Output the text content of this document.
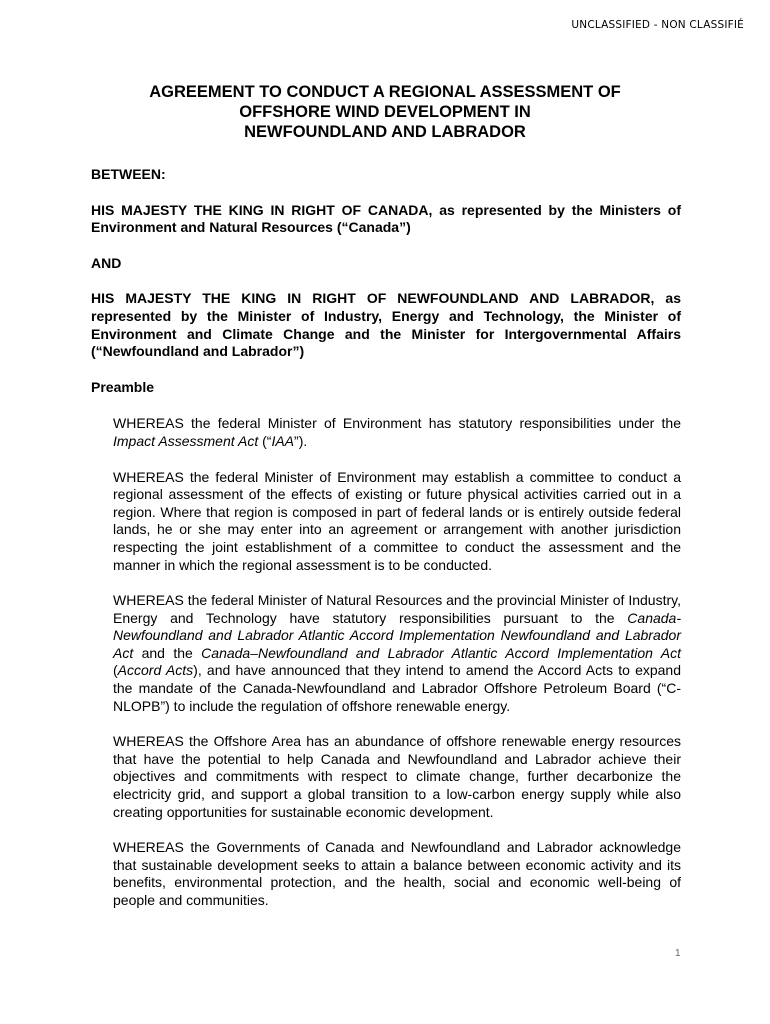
UNCLASSIFIED - NON CLASSIFIÉ
AGREEMENT TO CONDUCT A REGIONAL ASSESSMENT OF
OFFSHORE WIND DEVELOPMENT IN
NEWFOUNDLAND AND LABRADOR

BETWEEN:

HIS MAJESTY THE KING IN RIGHT OF CANADA, as represented by the Ministers of Environment and Natural Resources (“Canada”)

AND

HIS MAJESTY THE KING IN RIGHT OF NEWFOUNDLAND AND LABRADOR, as represented by the Minister of Industry, Energy and Technology, the Minister of Environment and Climate Change and the Minister for Intergovernmental Affairs (“Newfoundland and Labrador”)

Preamble

WHEREAS the federal Minister of Environment has statutory responsibilities under the Impact Assessment Act (“IAA”).

WHEREAS the federal Minister of Environment may establish a committee to conduct a regional assessment of the effects of existing or future physical activities carried out in a region. Where that region is composed in part of federal lands or is entirely outside federal lands, he or she may enter into an agreement or arrangement with another jurisdiction respecting the joint establishment of a committee to conduct the assessment and the manner in which the regional assessment is to be conducted.

WHEREAS the federal Minister of Natural Resources and the provincial Minister of Industry, Energy and Technology have statutory responsibilities pursuant to the Canada-Newfoundland and Labrador Atlantic Accord Implementation Newfoundland and Labrador Act and the Canada–Newfoundland and Labrador Atlantic Accord Implementation Act (Accord Acts), and have announced that they intend to amend the Accord Acts to expand the mandate of the Canada-Newfoundland and Labrador Offshore Petroleum Board (“C-NLOPB”) to include the regulation of offshore renewable energy.

WHEREAS the Offshore Area has an abundance of offshore renewable energy resources that have the potential to help Canada and Newfoundland and Labrador achieve their objectives and commitments with respect to climate change, further decarbonize the electricity grid, and support a global transition to a low-carbon energy supply while also creating opportunities for sustainable economic development.

WHEREAS the Governments of Canada and Newfoundland and Labrador acknowledge that sustainable development seeks to attain a balance between economic activity and its benefits, environmental protection, and the health, social and economic well-being of people and communities.

1
